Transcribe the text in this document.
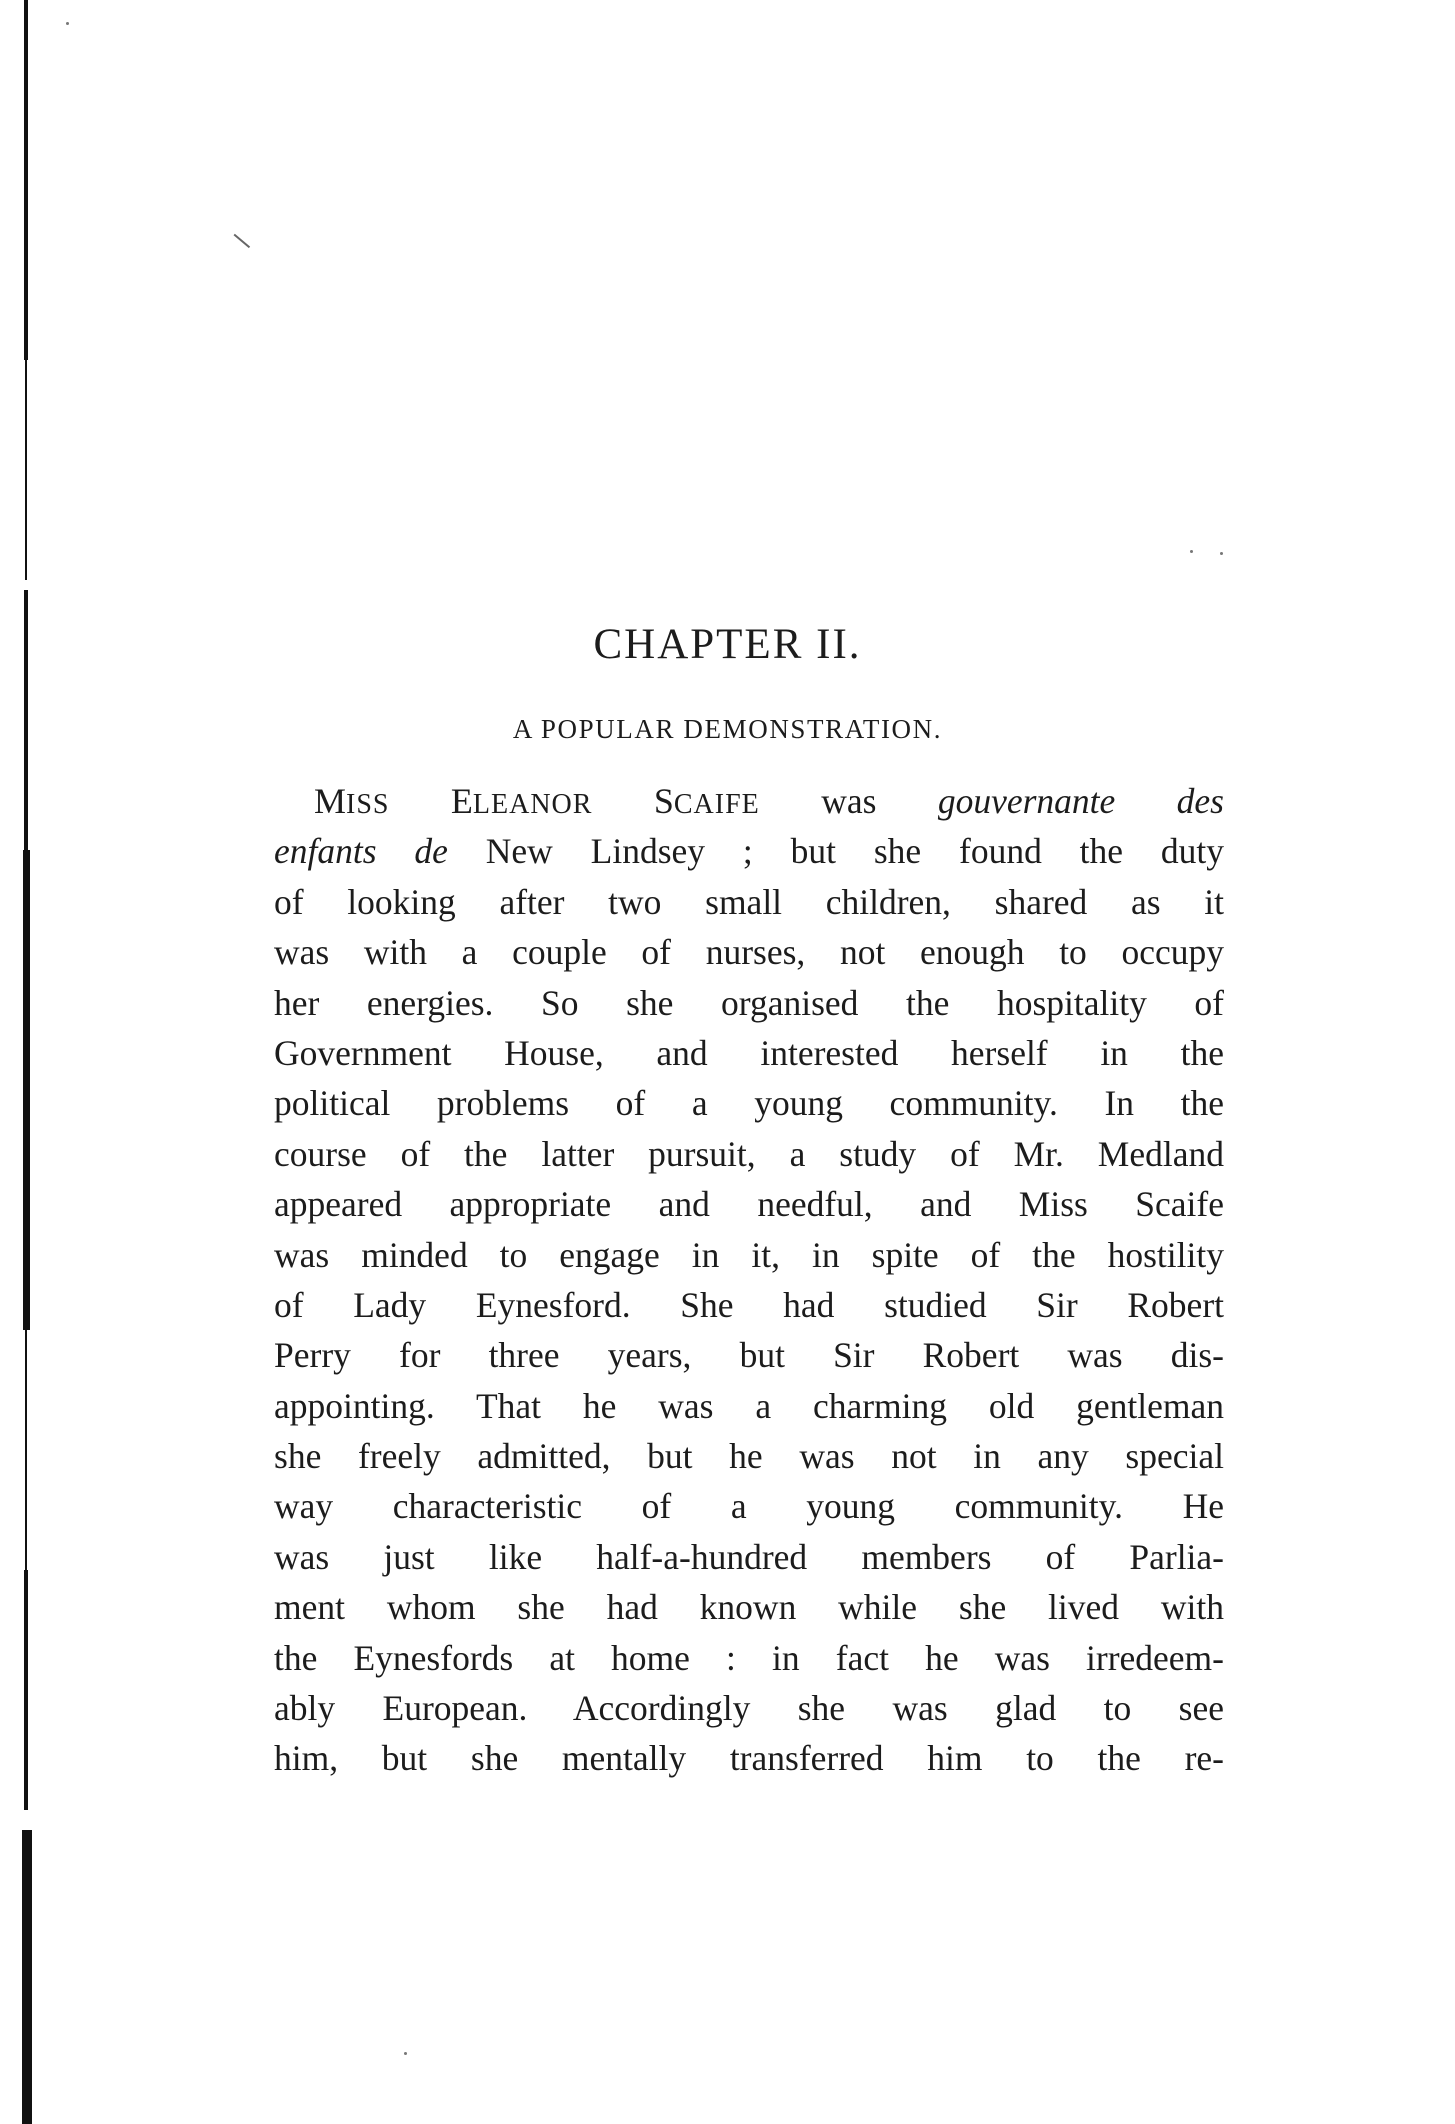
CHAPTER II.
A POPULAR DEMONSTRATION.
MISS ELEANOR SCAIFE was gouvernante des
enfants de New Lindsey ; but she found the duty
of looking after two small children, shared as it
was with a couple of nurses, not enough to occupy
her energies. So she organised the hospitality of
Government House, and interested herself in the
political problems of a young community. In the
course of the latter pursuit, a study of Mr. Medland
appeared appropriate and needful, and Miss Scaife
was minded to engage in it, in spite of the hostility
of Lady Eynesford. She had studied Sir Robert
Perry for three years, but Sir Robert was dis-
appointing. That he was a charming old gentleman
she freely admitted, but he was not in any special
way characteristic of a young community. He
was just like half-a-hundred members of Parlia-
ment whom she had known while she lived with
the Eynesfords at home : in fact he was irredeem-
ably European. Accordingly she was glad to see
him, but she mentally transferred him to the re-
